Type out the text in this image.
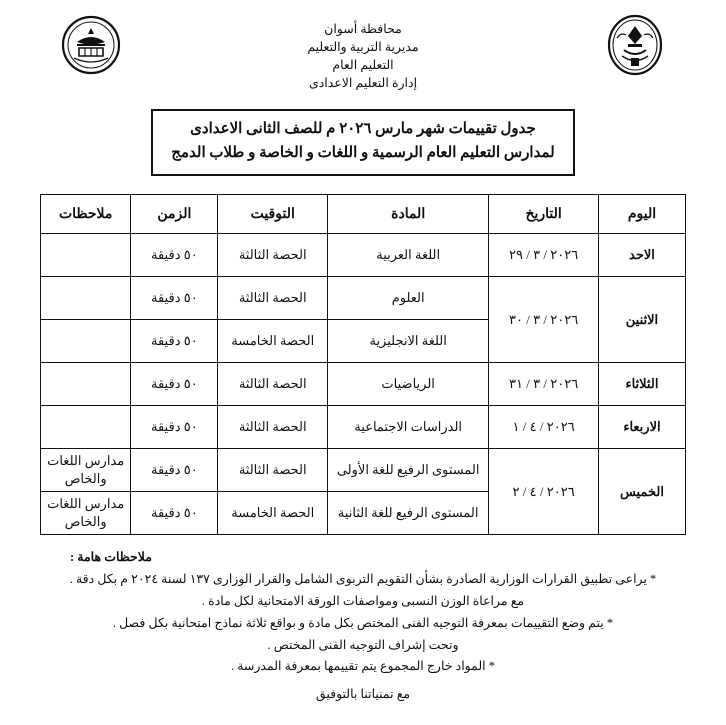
محافظة أسوان
مديرية التربية والتعليم
التعليم العام
إدارة التعليم الاعدادى
جدول تقييمات شهر مارس ٢٠٢٦ م للصف الثانى الاعدادى
لمدارس التعليم العام الرسمية و اللغات و الخاصة و طلاب الدمج
اليوم	التاريخ	المادة	التوقيت	الزمن	ملاحظات
الاحد	٢٠٢٦ / ٣ / ٢٩	اللغة العربية	الحصة الثالثة	٥٠ دقيقة	
الاثنين	٢٠٢٦ / ٣ / ٣٠	العلوم	الحصة الثالثة	٥٠ دقيقة	
		اللغة الانجليزية	الحصة الخامسة	٥٠ دقيقة	
الثلاثاء	٢٠٢٦ / ٣ / ٣١	الرياضيات	الحصة الثالثة	٥٠ دقيقة	
الاربعاء	٢٠٢٦ / ٤ / ١	الدراسات الاجتماعية	الحصة الثالثة	٥٠ دقيقة	
الخميس	٢٠٢٦ / ٤ / ٢	المستوى الرفيع للغة الأولى	الحصة الثالثة	٥٠ دقيقة	مدارس اللغات والخاص
		المستوى الرفيع للغة الثانية	الحصة الخامسة	٥٠ دقيقة	مدارس اللغات والخاص
ملاحظات هامة :
* يراعى تطبيق القرارات الوزارية الصادرة بشأن التقويم التربوى الشامل والقرار الوزارى ١٣٧ لسنة ٢٠٢٤ م بكل دقة .
مع مراعاة الوزن النسبى ومواصفات الورقة الامتحانية لكل مادة .
* يتم وضع التقييمات بمعرفة التوجيه الفنى المختص بكل مادة و بواقع ثلاثة نماذج امتحانية بكل فصل .
وتحت إشراف التوجيه الفنى المختص .
* المواد خارج المجموع يتم تقييمها بمعرفة المدرسة .
مع تمنياتنا بالتوفيق
